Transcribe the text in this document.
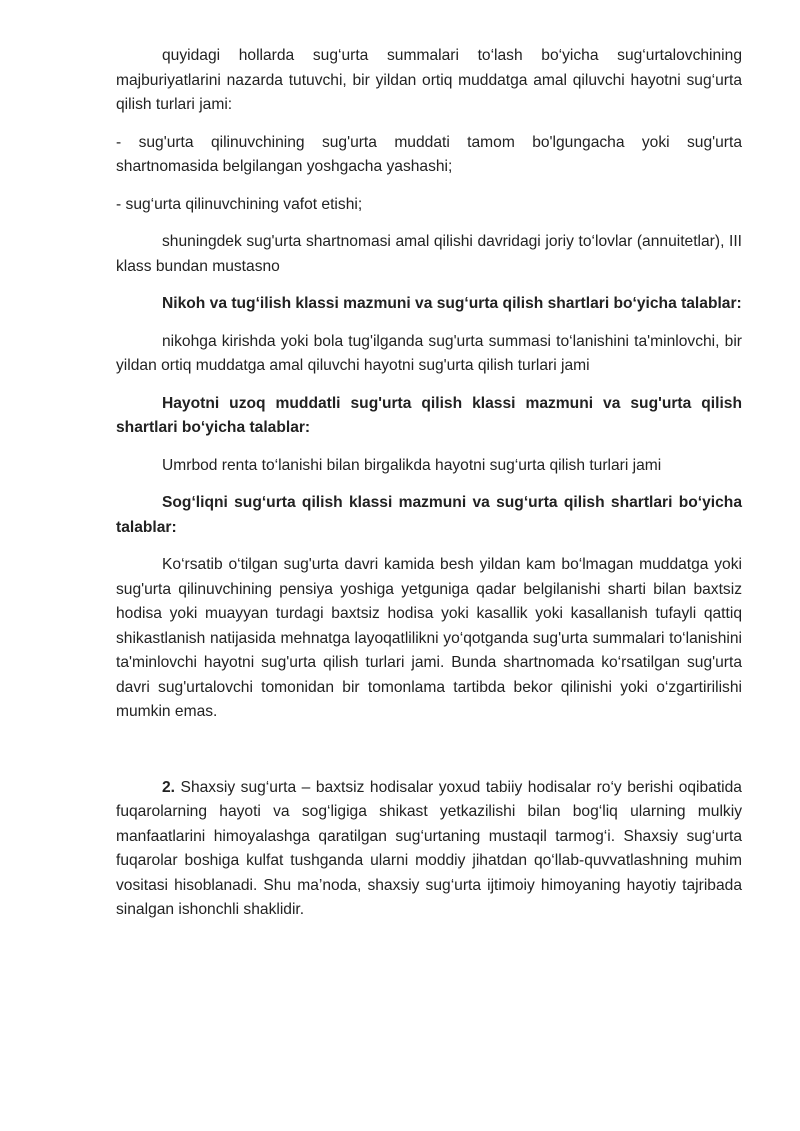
quyidagi hollarda sug‘urta summalari to‘lash bo‘yicha sug‘urtalovchining majburiyatlarini nazarda tutuvchi, bir yildan ortiq muddatga amal qiluvchi hayotni sug‘urta qilish turlari jami:

- sug'urta qilinuvchining sug'urta muddati tamom bo'lgungacha yoki sug'urta shartnomasida belgilangan yoshgacha yashashi;

- sug‘urta qilinuvchining vafot etishi;

shuningdek sug'urta shartnomasi amal qilishi davridagi joriy to‘lovlar (annuitetlar), III klass bundan mustasno

Nikoh va tug‘ilish klassi mazmuni va sug‘urta qilish shartlari bo‘yicha talablar:

nikohga kirishda yoki bola tug'ilganda sug'urta summasi to‘lanishini ta'minlovchi, bir yildan ortiq muddatga amal qiluvchi hayotni sug'urta qilish turlari jami

Hayotni uzoq muddatli sug'urta qilish klassi mazmuni va sug'urta qilish shartlari bo‘yicha talablar:

Umrbod renta to‘lanishi bilan birgalikda hayotni sug‘urta qilish turlari jami

Sog‘liqni sug‘urta qilish klassi mazmuni va sug‘urta qilish shartlari bo‘yicha talablar:

Ko‘rsatib o‘tilgan sug'urta davri kamida besh yildan kam bo‘lmagan muddatga yoki sug'urta qilinuvchining pensiya yoshiga yetguniga qadar belgilanishi sharti bilan baxtsiz hodisa yoki muayyan turdagi baxtsiz hodisa yoki kasallik yoki kasallanish tufayli qattiq shikastlanish natijasida mehnatga layoqatlilikni yo‘qotganda sug'urta summalari to‘lanishini ta'minlovchi hayotni sug'urta qilish turlari jami. Bunda shartnomada ko‘rsatilgan sug'urta davri sug'urtalovchi tomonidan bir tomonlama tartibda bekor qilinishi yoki o‘zgartirilishi mumkin emas.

2. Shaxsiy sug‘urta – baxtsiz hodisalar yoxud tabiiy hodisalar ro‘y berishi oqibatida fuqarolarning hayoti va sog‘ligiga shikast yetkazilishi bilan bog‘liq ularning mulkiy manfaatlarini himoyalashga qaratilgan sug‘urtaning mustaqil tarmog‘i. Shaxsiy sug‘urta fuqarolar boshiga kulfat tushganda ularni moddiy jihatdan qo‘llab-quvvatlashning muhim vositasi hisoblanadi. Shu ma’noda, shaxsiy sug‘urta ijtimoiy himoyaning hayotiy tajribada sinalgan ishonchli shaklidir.
